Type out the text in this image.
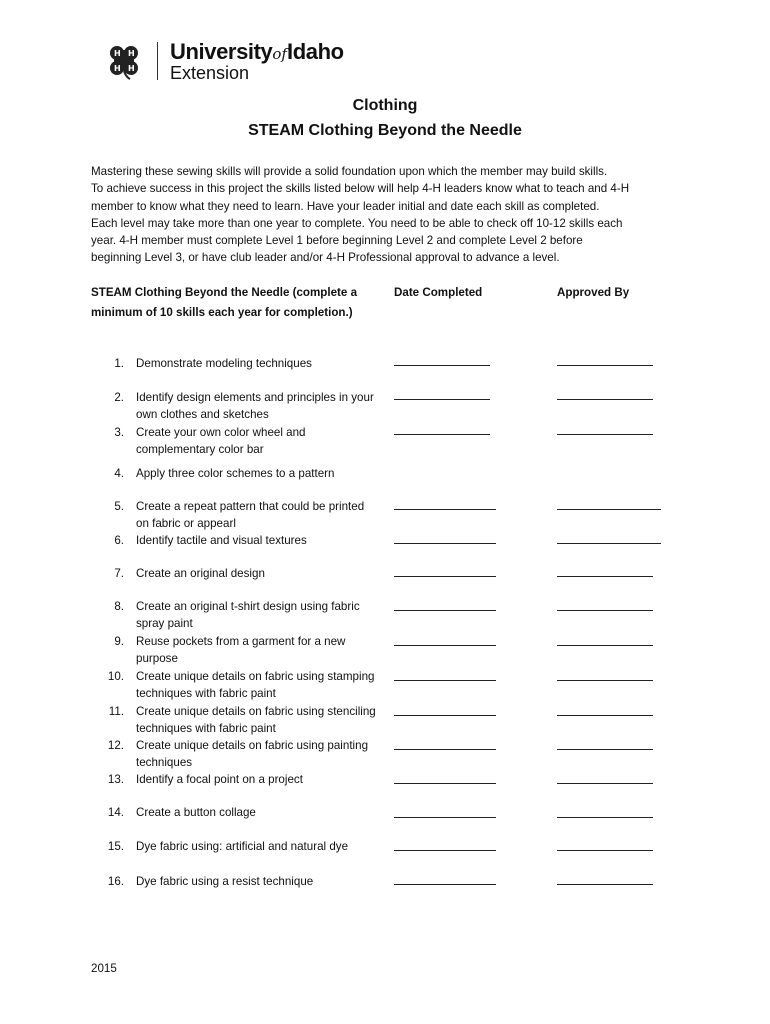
H H
H H
UniversityofIdaho
Extension
Clothing
STEAM Clothing Beyond the Needle
Mastering these sewing skills will provide a solid foundation upon which the member may build skills.
To achieve success in this project the skills listed below will help 4-H leaders know what to teach and 4-H
member to know what they need to learn. Have your leader initial and date each skill as completed.
Each level may take more than one year to complete. You need to be able to check off 10-12 skills each
year. 4-H member must complete Level 1 before beginning Level 2 and complete Level 2 before
beginning Level 3, or have club leader and/or 4-H Professional approval to advance a level.
STEAM Clothing Beyond the Needle (complete a minimum of 10 skills each year for completion.)
Date Completed	Approved By
1. Demonstrate modeling techniques
2. Identify design elements and principles in your own clothes and sketches
3. Create your own color wheel and complementary color bar
4. Apply three color schemes to a pattern
5. Create a repeat pattern that could be printed on fabric or appearl
6. Identify tactile and visual textures
7. Create an original design
8. Create an original t-shirt design using fabric spray paint
9. Reuse pockets from a garment for a new purpose
10. Create unique details on fabric using stamping techniques with fabric paint
11. Create unique details on fabric using stenciling techniques with fabric paint
12. Create unique details on fabric using painting techniques
13. Identify a focal point on a project
14. Create a button collage
15. Dye fabric using: artificial and natural dye
16. Dye fabric using a resist technique
2015
